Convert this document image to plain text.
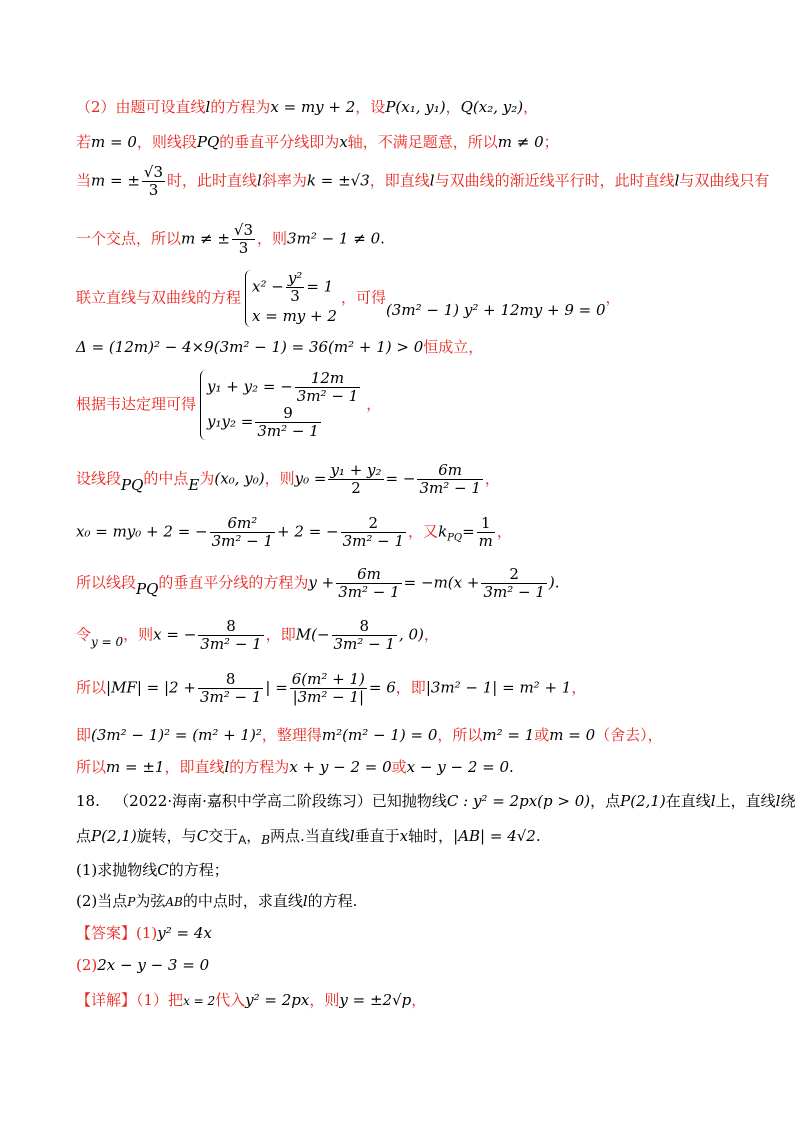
（2）由题可设直线l的方程为x = my + 2，设P(x₁, y₁)，Q(x₂, y₂)，
若m = 0，则线段PQ的垂直平分线即为x轴，不满足题意，所以m ≠ 0；
当m = ± $\frac{√3}{3}$ 时，此时直线l斜率为k = ±√3，即直线l与双曲线的渐近线平行时，此时直线l与双曲线只有
一个交点，所以m ≠ ± $\frac{√3}{3}$ ，则3m² − 1 ≠ 0.
联立直线与双曲线的方程
$x^2 - \frac{\text{y²}}{3} = 1$
x = my + 2
，可得(3m² − 1) y² + 12my + 9 = 0，
Δ = (12m)² − 4×9(3m² − 1) = 36(m² + 1) > 0恒成立，
根据韦达定理可得
y₁ + y₂ = − $\frac{12m}{\text{3m² − 1}}$
$y_1y_2 = \frac{9}{\text{3m² − 1}}$
，
设线段PQ的中点E为(x₀, y₀)，则$y_0 = \frac{\text{y₁ + y₂}}{2}$ = − $\frac{6m}{\text{3m² − 1}}$ ，
x₀ = my₀ + 2 = − $\frac{\text{6m²}}{\text{3m² − 1}} + 2$ = − $\frac{2}{\text{3m² − 1}}$ ，又$k_{PQ}= \frac{1}{m}$ ，
所以线段PQ的垂直平分线的方程为$y + \frac{6m}{\text{3m² − 1}} = -m(x + \frac{2}{\text{3m² − 1}}$ ).
令$_{y = 0}$，则x = − $\frac{8}{\text{3m² − 1}}$ ，即$M(- \frac{8}{\text{3m² − 1}}$ , 0)，
所以$|MF| = |2 + \frac{8}{\text{3m² − 1}}$ | = $\frac{\text{6(m² + 1)}}{\text{|3m² − 1|}} = 6$，即|3m² − 1| = m² + 1，
即(3m² − 1)² = (m² + 1)²，整理得m²(m² − 1) = 0，所以m² = 1或m = 0（舍去），
所以m = ±1，即直线l的方程为x + y − 2 = 0或x − y − 2 = 0.
18. （2022·海南·嘉积中学高二阶段练习）已知抛物线C : y² = 2px(p > 0)，点P(2,1)在直线l上，直线l绕
点P(2,1)旋转，与C交于$_A$，$_B$两点.当直线l垂直于x轴时，|AB| = 4√2.
(1)求抛物线C的方程；
(2)当点P为弦AB的中点时，求直线l的方程.
【答案】(1)y² = 4x
(2)2x − y − 3 = 0
【详解】（1）把x = 2代入y² = 2px，则y = ±2√p，
